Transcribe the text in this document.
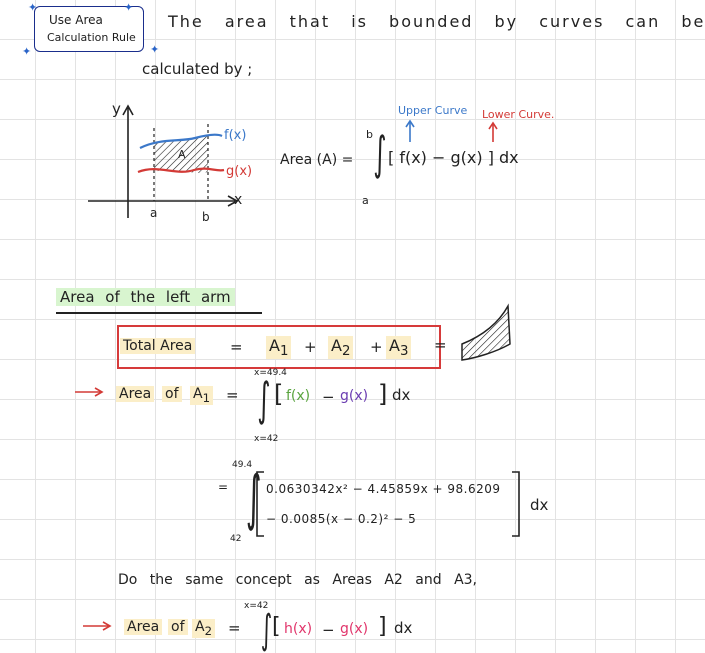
Use Area
Calculation Rule
✦	✦
✦	✦
The area that is bounded by curves can be
calculated by ;
y
x
a	b
A
f(x)
g(x)
Upper Curve Lower Curve.
Area (A) =
b
a
∫ [ f(x) − g(x) ] dx
Area of the left arm
Total Area	= $A_1 + A_2 + A_3$ =
Area of $A_1$ =
x=49.4
x=42
∫ [ f(x) − g(x) ] dx
=
49.4
42
∫ 0.0630342x² − 4.45859x + 98.6209
− 0.0085(x − 0.2)² − 5
dx
Do the same concept as Areas A2 and A3,
Area of $A_2$ =
x=42
∫ [ h(x) − g(x) ] dx
